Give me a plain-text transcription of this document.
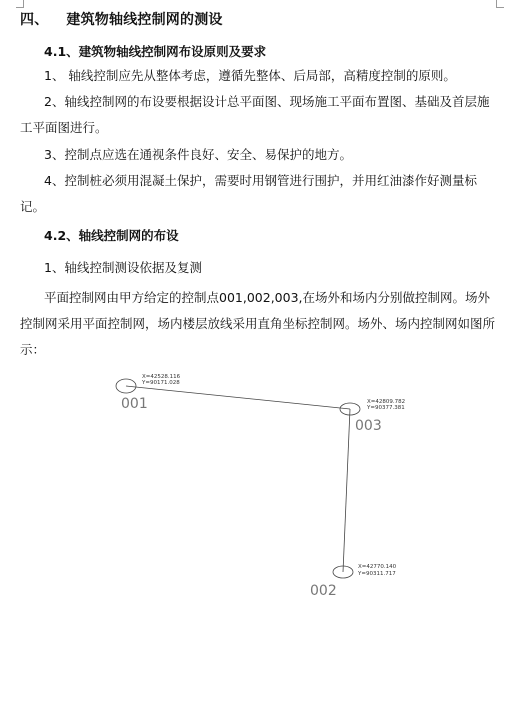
四、 建筑物轴线控制网的测设
4.1、建筑物轴线控制网布设原则及要求
1、 轴线控制应先从整体考虑，遵循先整体、后局部，高精度控制的原则。
2、轴线控制网的布设要根据设计总平面图、现场施工平面布置图、基础及首层施工平面图进行。
3、控制点应选在通视条件良好、安全、易保护的地方。
4、控制桩必须用混凝土保护，需要时用钢管进行围护，并用红油漆作好测量标记。
4.2、轴线控制网的布设
1、轴线控制测设依据及复测
平面控制网由甲方给定的控制点001,002,003,在场外和场内分别做控制网。场外控制网采用平面控制网，场内楼层放线采用直角坐标控制网。场外、场内控制网如图所示：
X=42528.116
Y=90171.028
001	X=42809.782
Y=90377.381
003
X=42770.140
Y=90311.717
002
